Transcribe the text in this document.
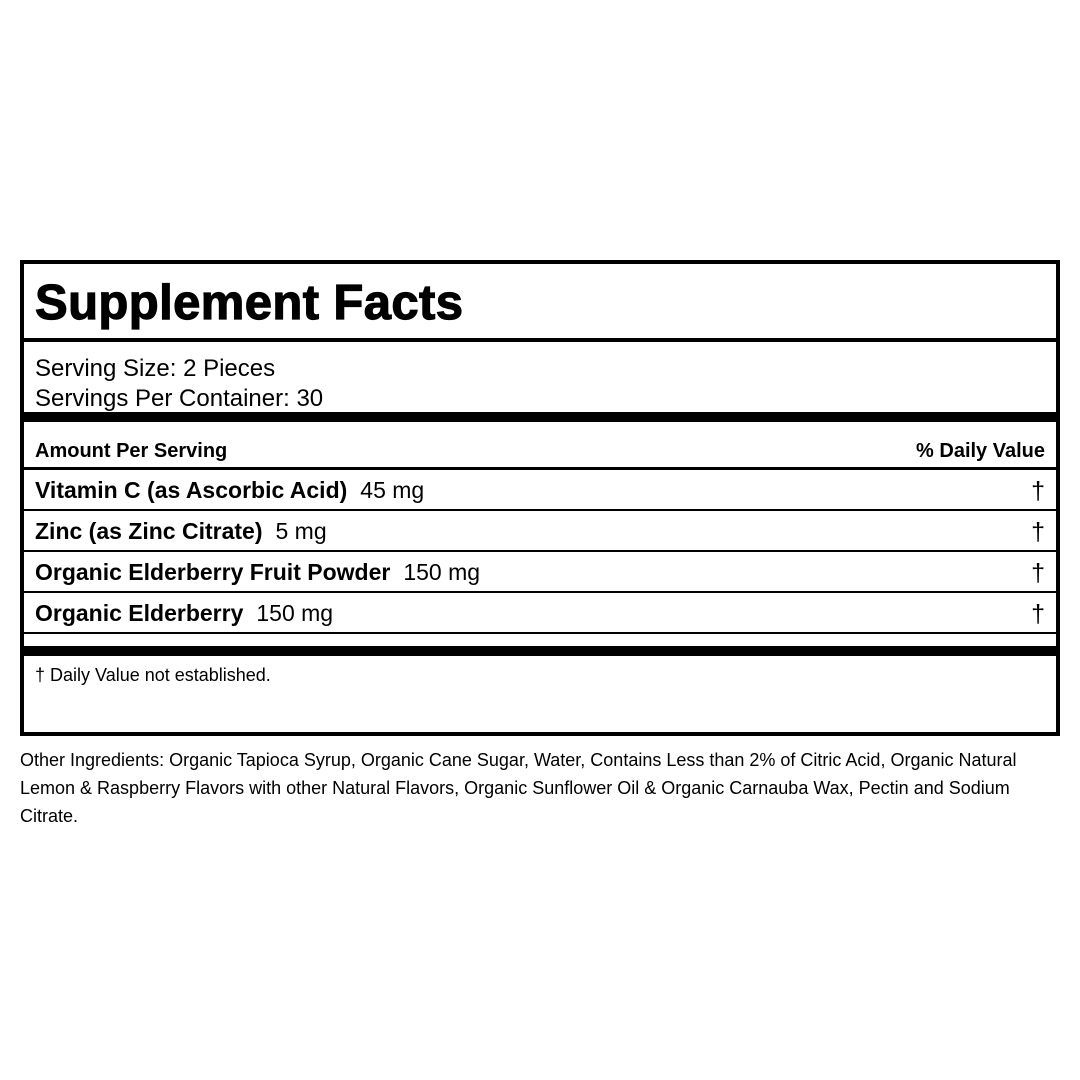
Supplement Facts
Serving Size: 2 Pieces
Servings Per Container: 30
Amount Per Serving	% Daily Value
Vitamin C (as Ascorbic Acid) 45 mg	†
Zinc (as Zinc Citrate) 5 mg	†
Organic Elderberry Fruit Powder 150 mg	†
Organic Elderberry 150 mg	†
† Daily Value not established.

Other Ingredients: Organic Tapioca Syrup, Organic Cane Sugar, Water, Contains Less than 2% of Citric Acid, Organic Natural Lemon & Raspberry Flavors with other Natural Flavors, Organic Sunflower Oil & Organic Carnauba Wax, Pectin and Sodium Citrate.
